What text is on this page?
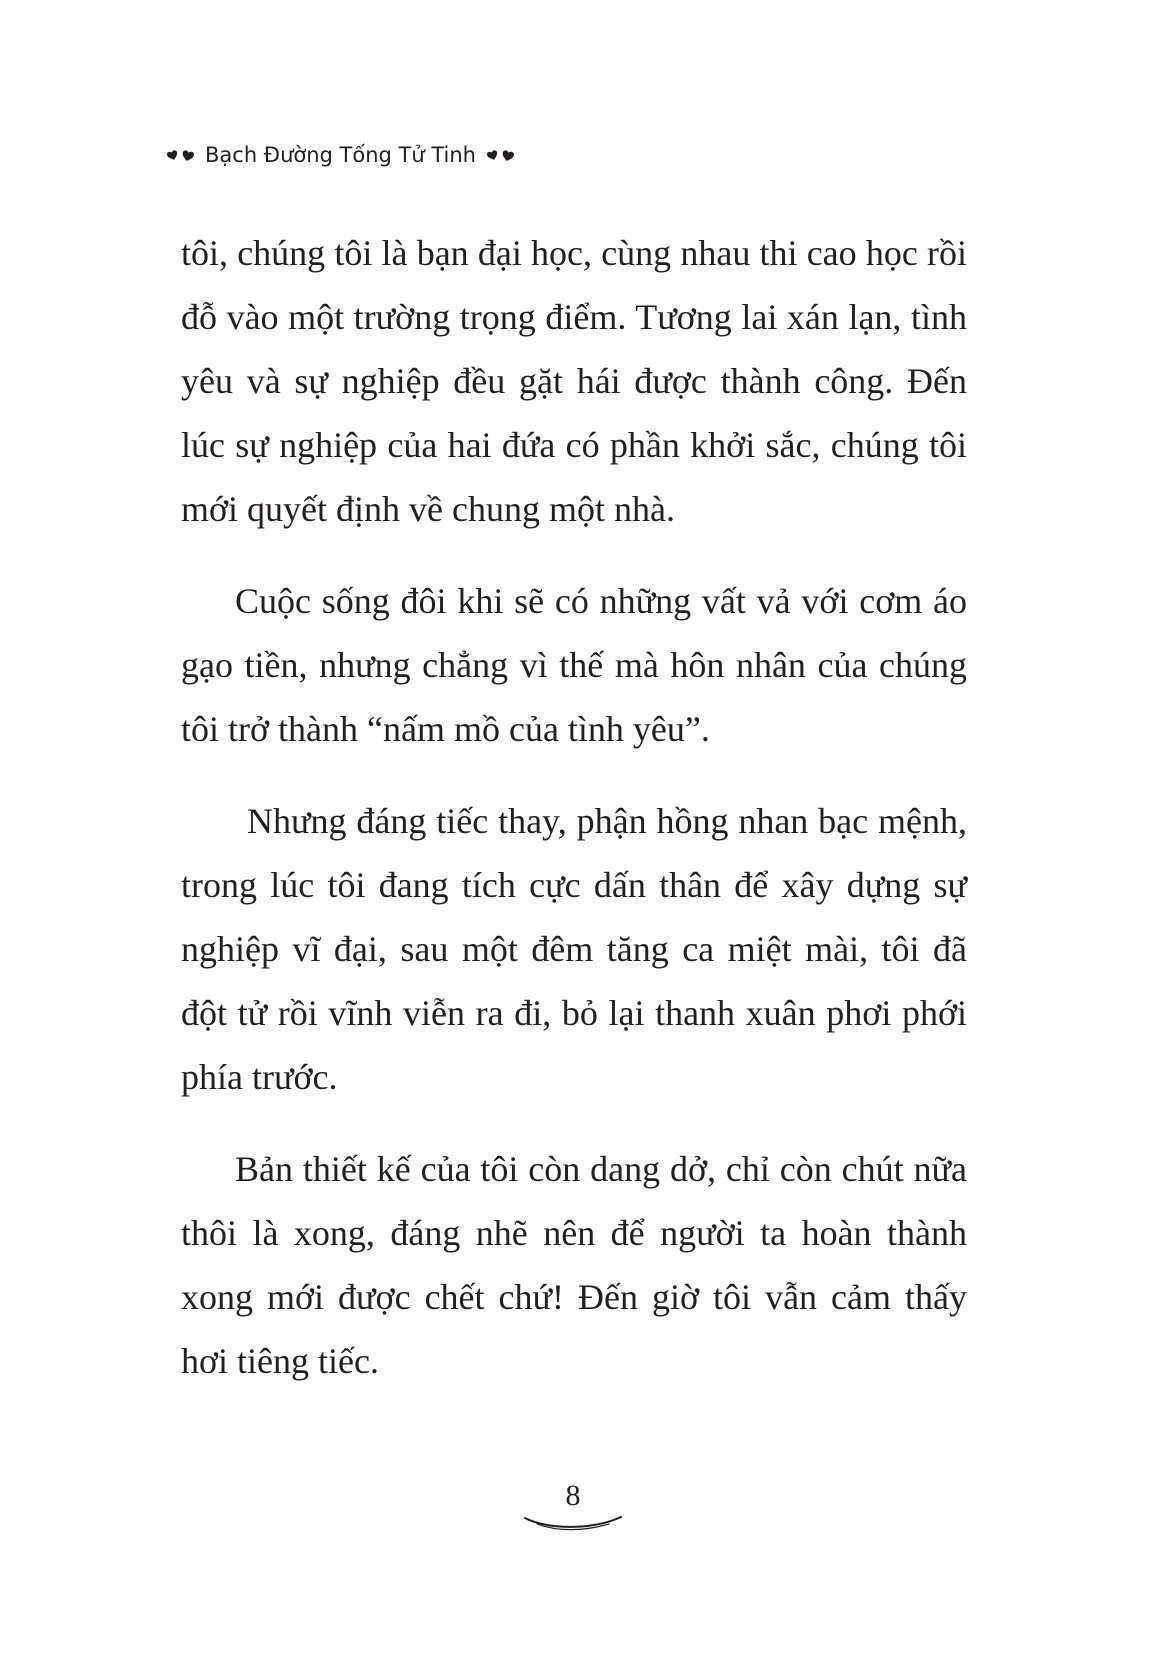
Bạch Đường Tống Tử Tinh

tôi, chúng tôi là bạn đại học, cùng nhau thi cao học rồi đỗ vào một trường trọng điểm. Tương lai xán lạn, tình yêu và sự nghiệp đều gặt hái được thành công. Đến lúc sự nghiệp của hai đứa có phần khởi sắc, chúng tôi mới quyết định về chung một nhà.

Cuộc sống đôi khi sẽ có những vất vả với cơm áo gạo tiền, nhưng chẳng vì thế mà hôn nhân của chúng tôi trở thành “nấm mồ của tình yêu”.

Nhưng đáng tiếc thay, phận hồng nhan bạc mệnh, trong lúc tôi đang tích cực dấn thân để xây dựng sự nghiệp vĩ đại, sau một đêm tăng ca miệt mài, tôi đã đột tử rồi vĩnh viễn ra đi, bỏ lại thanh xuân phơi phới phía trước.

Bản thiết kế của tôi còn dang dở, chỉ còn chút nữa thôi là xong, đáng nhẽ nên để người ta hoàn thành xong mới được chết chứ! Đến giờ tôi vẫn cảm thấy hơi tiêng tiếc.

8
